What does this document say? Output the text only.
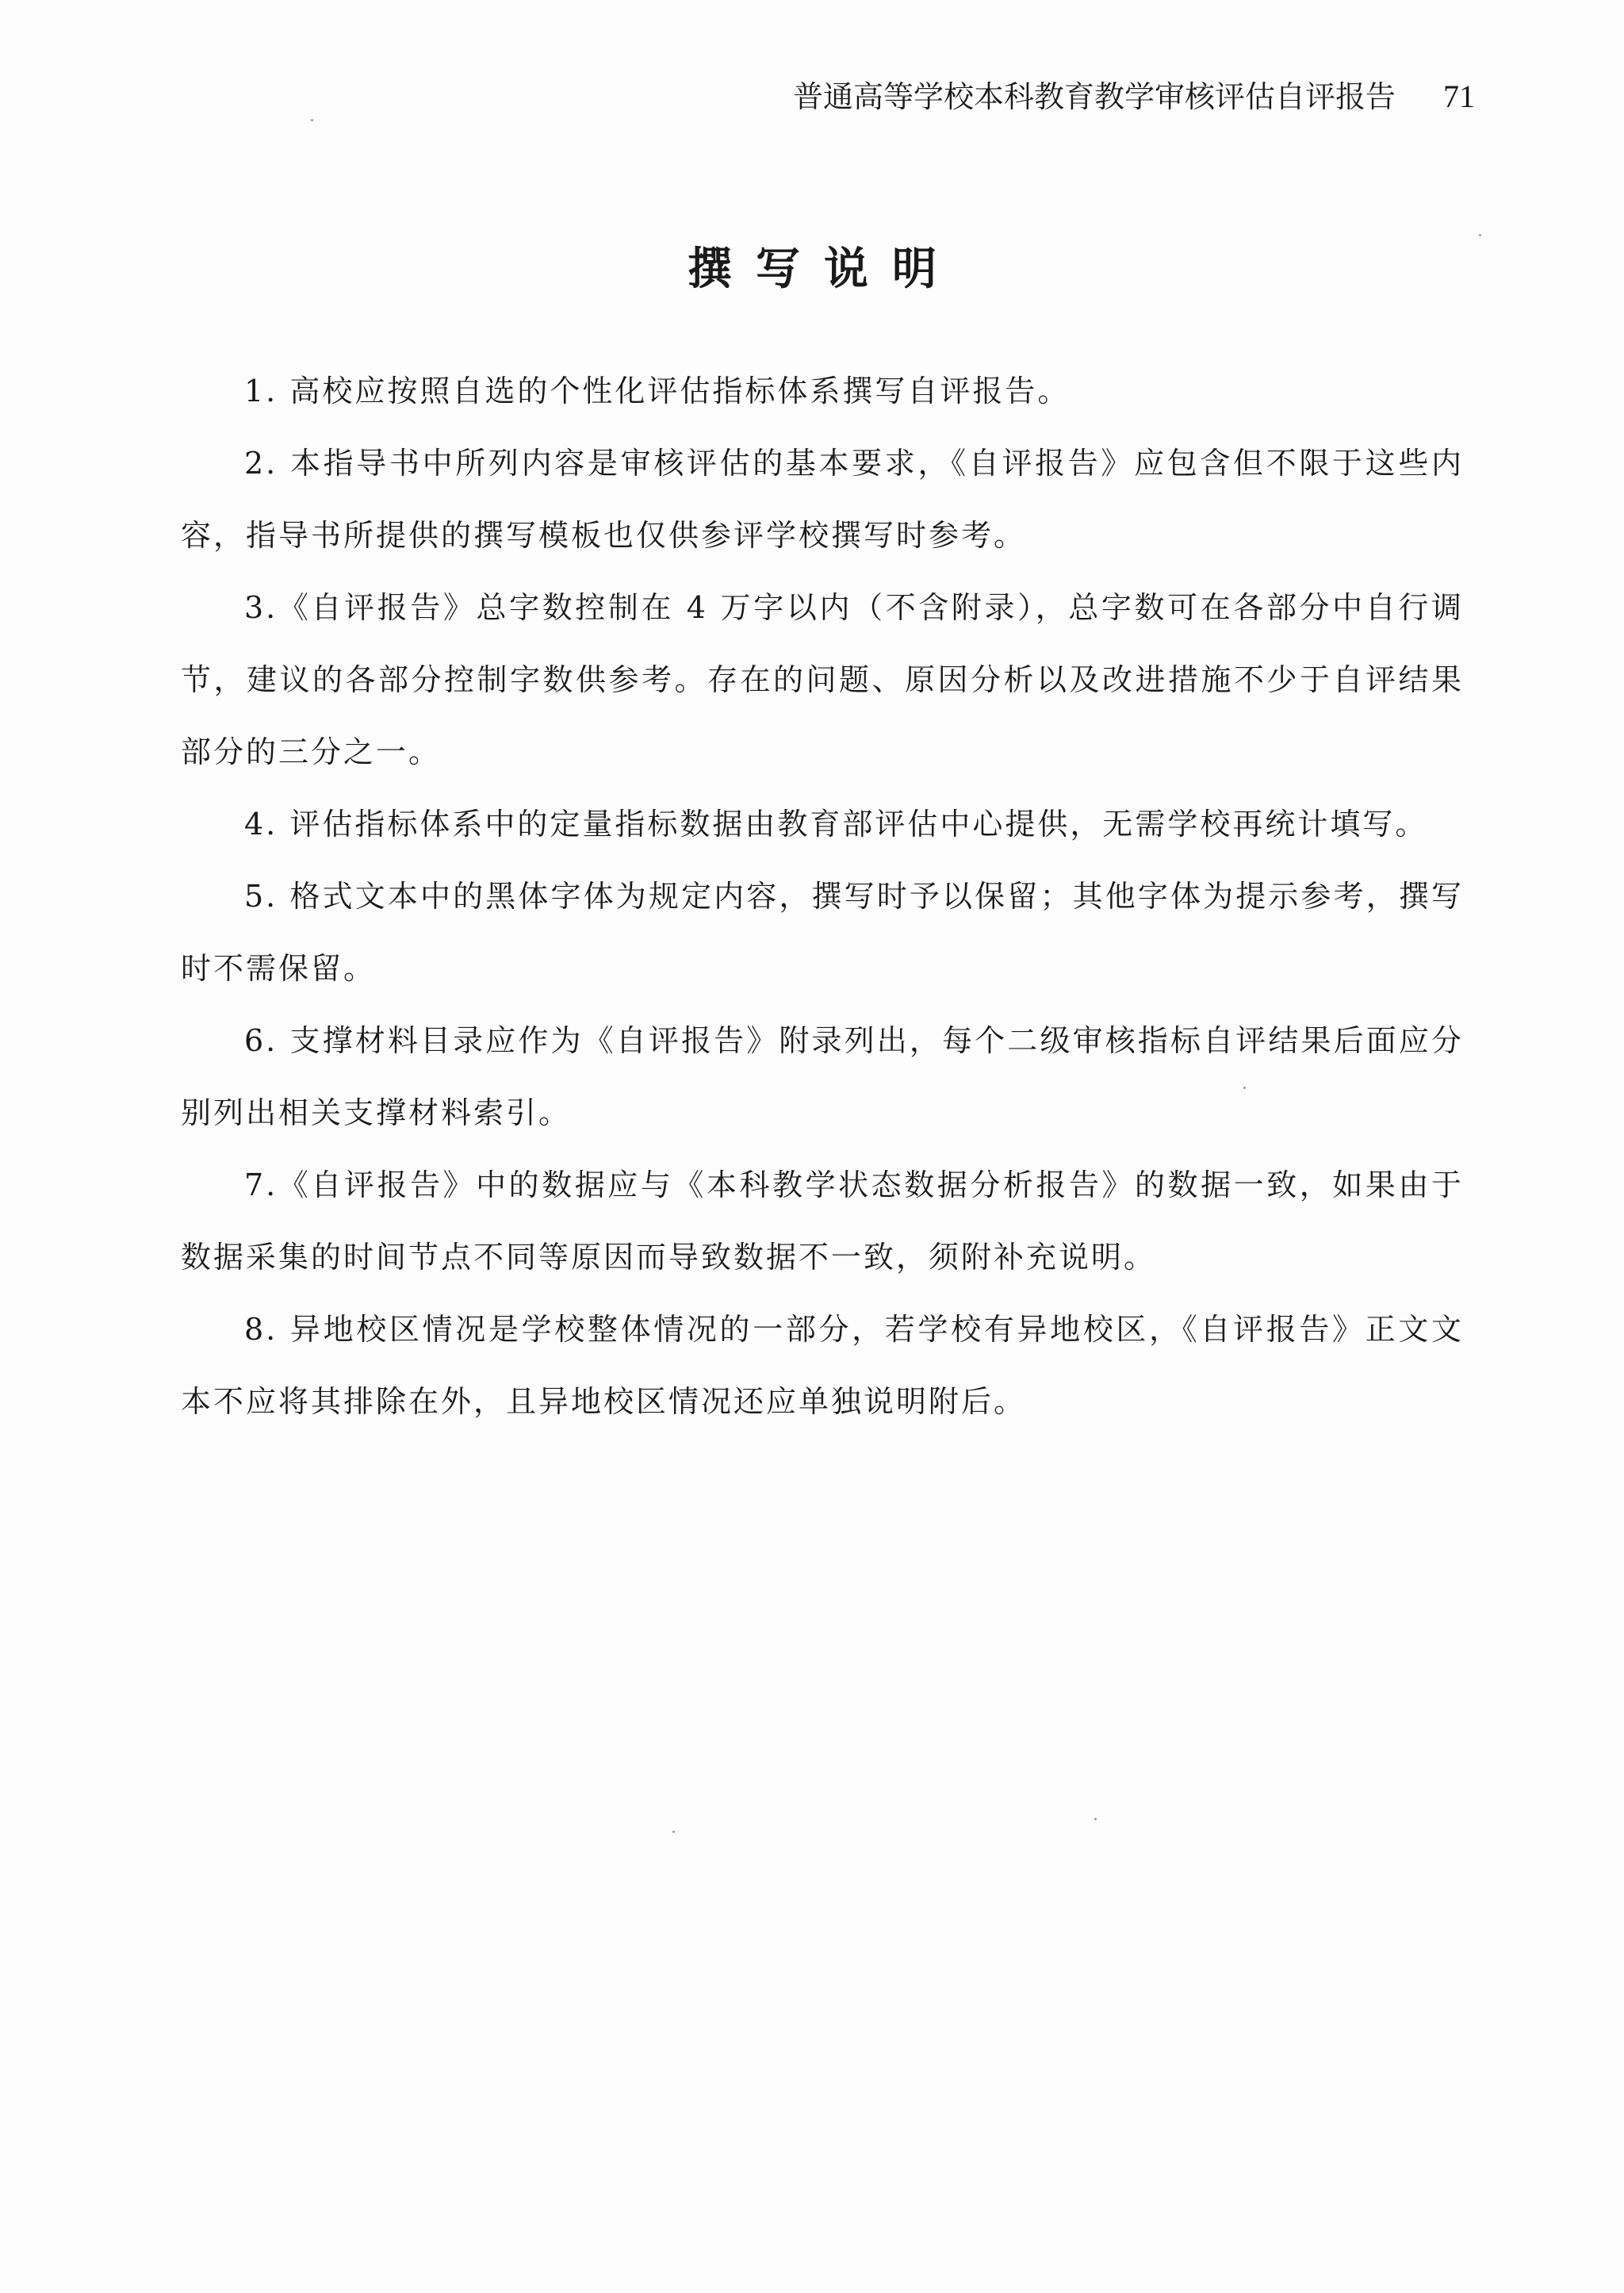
普通高等学校本科教育教学审核评估自评报告 71
撰写说明

1. 高校应按照自选的个性化评估指标体系撰写自评报告。

2. 本指导书中所列内容是审核评估的基本要求，《自评报告》应包含但不限于这些内容，指导书所提供的撰写模板也仅供参评学校撰写时参考。

3.《自评报告》总字数控制在 4 万字以内（不含附录），总字数可在各部分中自行调节，建议的各部分控制字数供参考。存在的问题、原因分析以及改进措施不少于自评结果部分的三分之一。

4. 评估指标体系中的定量指标数据由教育部评估中心提供，无需学校再统计填写。

5. 格式文本中的黑体字体为规定内容，撰写时予以保留；其他字体为提示参考，撰写时不需保留。

6. 支撑材料目录应作为《自评报告》附录列出，每个二级审核指标自评结果后面应分别列出相关支撑材料索引。

7.《自评报告》中的数据应与《本科教学状态数据分析报告》的数据一致，如果由于数据采集的时间节点不同等原因而导致数据不一致，须附补充说明。

8. 异地校区情况是学校整体情况的一部分，若学校有异地校区，《自评报告》正文文本不应将其排除在外，且异地校区情况还应单独说明附后。
